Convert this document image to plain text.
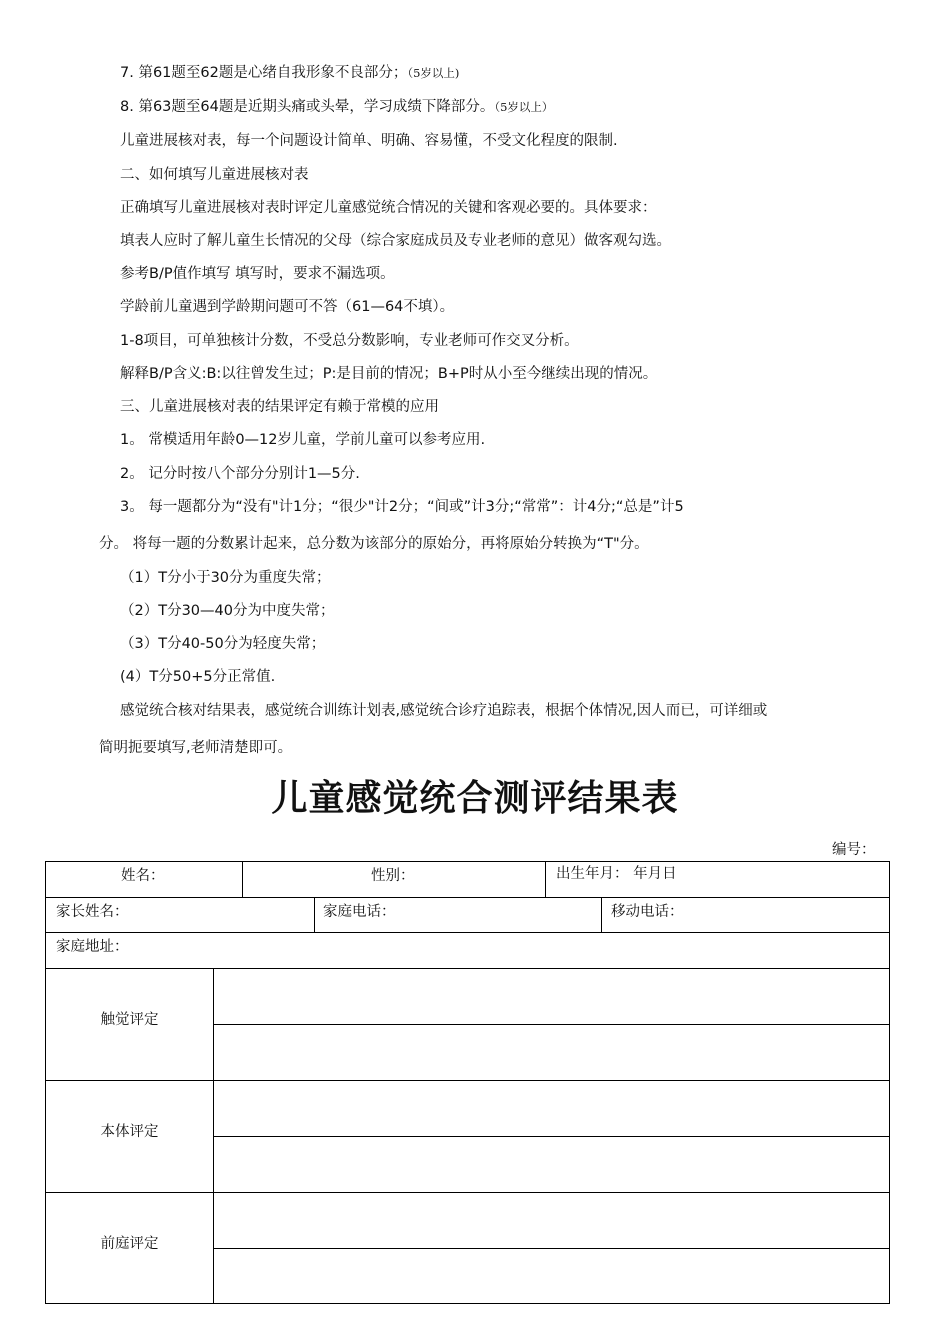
7. 第61题至62题是心绪自我形象不良部分；（5岁以上)
8. 第63题至64题是近期头痛或头晕，学习成绩下降部分。（5岁以上）
儿童进展核对表，每一个问题设计简单、明确、容易懂，不受文化程度的限制.
二、如何填写儿童进展核对表
正确填写儿童进展核对表时评定儿童感觉统合情况的关键和客观必要的。具体要求：
填表人应时了解儿童生长情况的父母（综合家庭成员及专业老师的意见）做客观勾选。
参考B/P值作填写 填写时，要求不漏选项。
学龄前儿童遇到学龄期问题可不答（61—64不填）。
1-8项目，可单独核计分数，不受总分数影响，专业老师可作交叉分析。
解释B/P含义:B:以往曾发生过；P:是目前的情况；B+P时从小至今继续出现的情况。
三、儿童进展核对表的结果评定有赖于常模的应用
1。 常模适用年龄0—12岁儿童，学前儿童可以参考应用.
2。 记分时按八个部分分别计1—5分.
3。 每一题都分为“没有"计1分；“很少"计2分；“间或”计3分;“常常”：计4分;“总是”计5
分。 将每一题的分数累计起来，总分数为该部分的原始分，再将原始分转换为“T"分。
（1）T分小于30分为重度失常；
（2）T分30—40分为中度失常；
（3）T分40-50分为轻度失常；
(4）T分50+5分正常值.
感觉统合核对结果表，感觉统合训练计划表,感觉统合诊疗追踪表，根据个体情况,因人而已，可详细或
简明扼要填写,老师清楚即可。
儿童感觉统合测评结果表
编号：
姓名：	性别：	出生年月： 年月日
家长姓名：	家庭电话：	移动电话：
家庭地址：
触觉评定
本体评定
前庭评定
